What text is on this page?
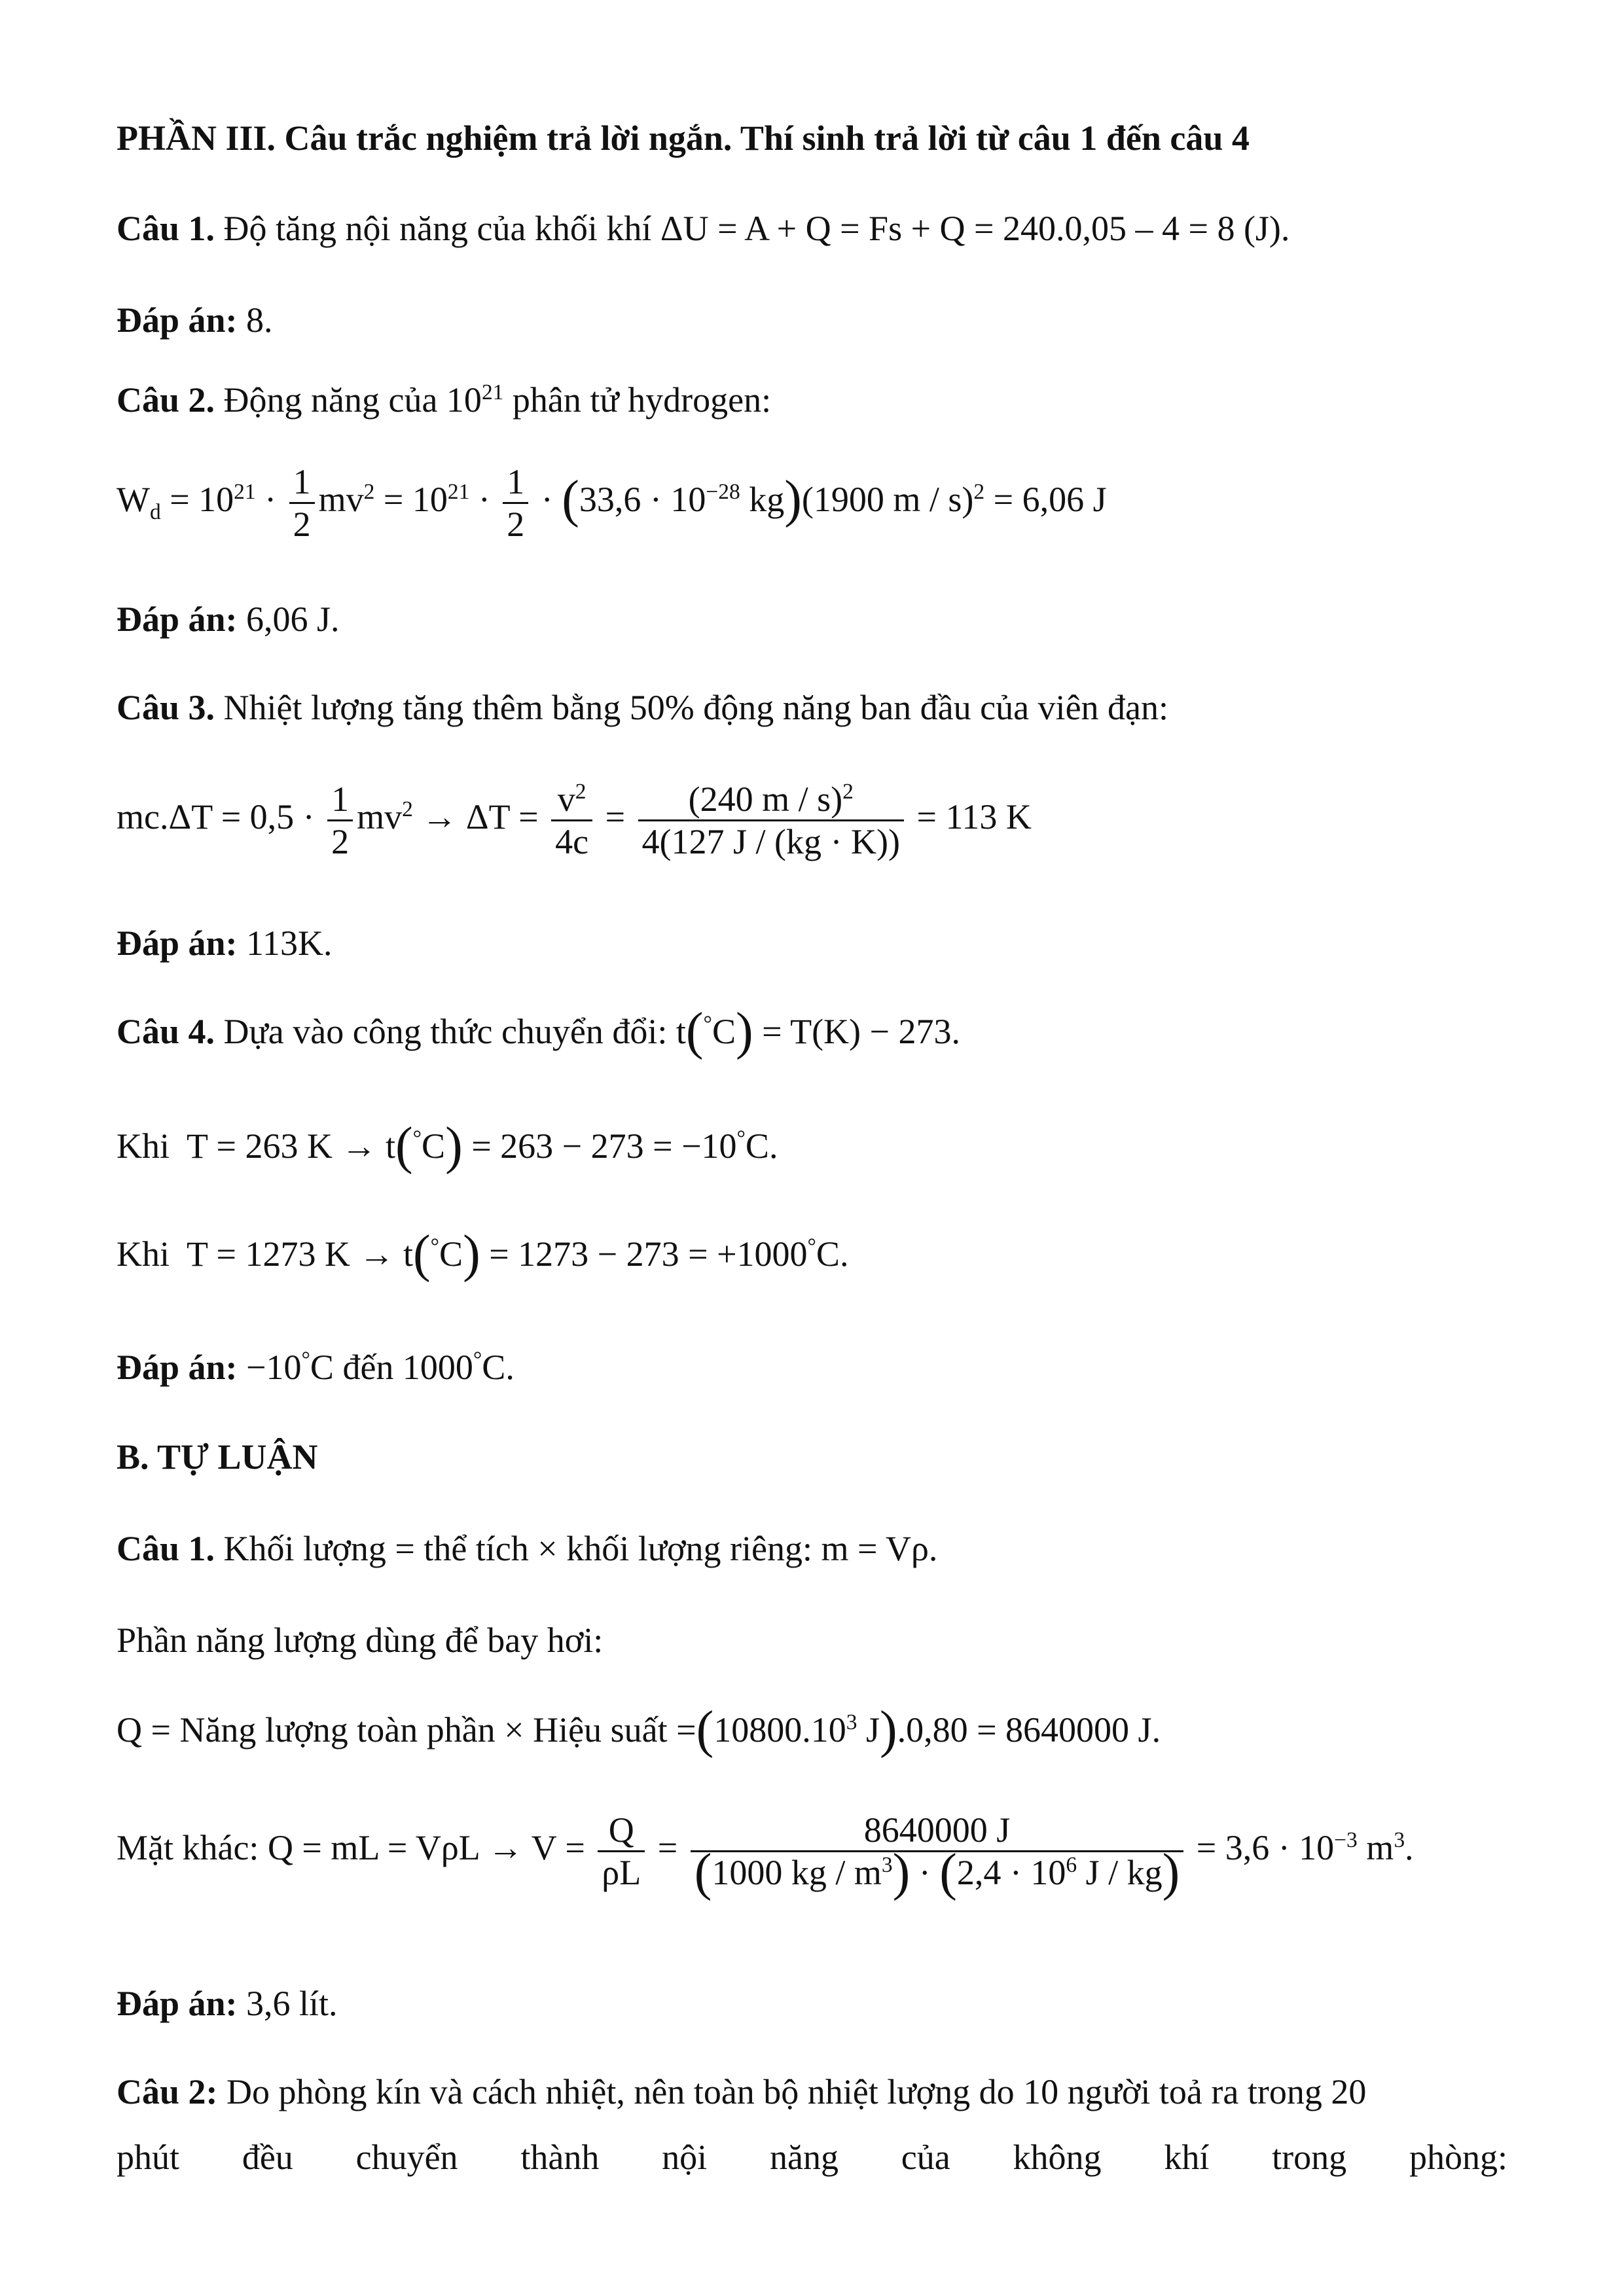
PHẦN III. Câu trắc nghiệm trả lời ngắn. Thí sinh trả lời từ câu 1 đến câu 4
Câu 1. Độ tăng nội năng của khối khí ΔU = A + Q = Fs + Q = 240.0,05 – 4 = 8 (J).
Đáp án: 8.
Câu 2. Động năng của $10^{21}$ phân tử hydrogen:
$W_d = 10^{21} \cdot \frac{1}{2} mv^2 = 10^{21} \cdot \frac{1}{2} \cdot (33,6 \cdot 10^{-28}$ kg)(1900 m / s)$^2$ = 6,06 J
Đáp án: 6,06 J.
Câu 3. Nhiệt lượng tăng thêm bằng 50% động năng ban đầu của viên đạn:
$mc.\Delta T = 0,5 \cdot \frac{1}{2} mv^2 \to \Delta T = \frac{v^2}{4c} = \frac{(240 m / s)^2}{4(127 J / (kg \cdot K))} = 113$ K
Đáp án: 113K.
Câu 4. Dựa vào công thức chuyển đổi: t(°C) = T(K) − 273.
Khi T = 263 K → t(°C) = 263 − 273 = −10°C.
Khi T = 1273 K → t(°C) = 1273 − 273 = +1000°C.
Đáp án: −10°C đến 1000°C.
B. TỰ LUẬN
Câu 1. Khối lượng = thể tích × khối lượng riêng: m = Vρ.
Phần năng lượng dùng để bay hơi:
Q = Năng lượng toàn phần × Hiệu suất $=(10800.10^3$ J).0,80 = 8640000 J.
Mặt khác: Q = mL = $V\rho L \to V = \frac{Q}{\rho L} = \frac{8640000 J}{(1000 kg / m^3) \cdot (2,4 \cdot 10^6 J / kg)} = 3,6 \cdot 10^{-3}$ $m^3$.
Đáp án: 3,6 lít.
Câu 2: Do phòng kín và cách nhiệt, nên toàn bộ nhiệt lượng do 10 người toả ra trong 20
phút đều chuyển thành nội năng của không khí trong phòng:
